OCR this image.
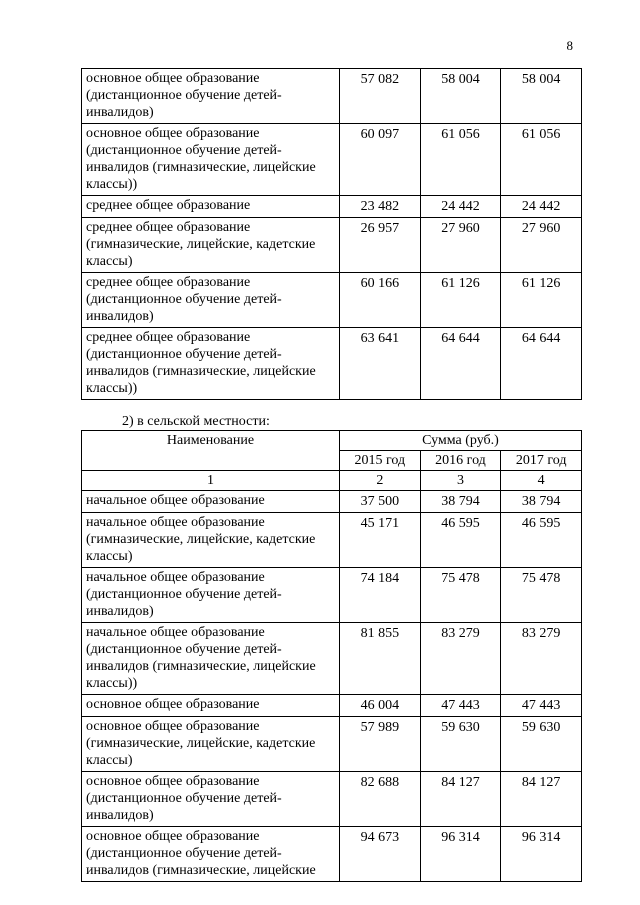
8
основное общее образование
(дистанционное обучение детей-
инвалидов)	57 082	58 004	58 004
основное общее образование
(дистанционное обучение детей-
инвалидов (гимназические, лицейские
классы))	60 097	61 056	61 056
среднее общее образование	23 482	24 442	24 442
среднее общее образование
(гимназические, лицейские, кадетские
классы)	26 957	27 960	27 960
среднее общее образование
(дистанционное обучение детей-
инвалидов)	60 166	61 126	61 126
среднее общее образование
(дистанционное обучение детей-
инвалидов (гимназические, лицейские
классы))	63 641	64 644	64 644
2) в сельской местности:
Наименование	Сумма (руб.)		
	2015 год	2016 год	2017 год
1	2	3	4
начальное общее образование	37 500	38 794	38 794
начальное общее образование
(гимназические, лицейские, кадетские
классы)	45 171	46 595	46 595
начальное общее образование
(дистанционное обучение детей-
инвалидов)	74 184	75 478	75 478
начальное общее образование
(дистанционное обучение детей-
инвалидов (гимназические, лицейские
классы))	81 855	83 279	83 279
основное общее образование	46 004	47 443	47 443
основное общее образование
(гимназические, лицейские, кадетские
классы)	57 989	59 630	59 630
основное общее образование
(дистанционное обучение детей-
инвалидов)	82 688	84 127	84 127
основное общее образование
(дистанционное обучение детей-
инвалидов (гимназические, лицейские	94 673	96 314	96 314
